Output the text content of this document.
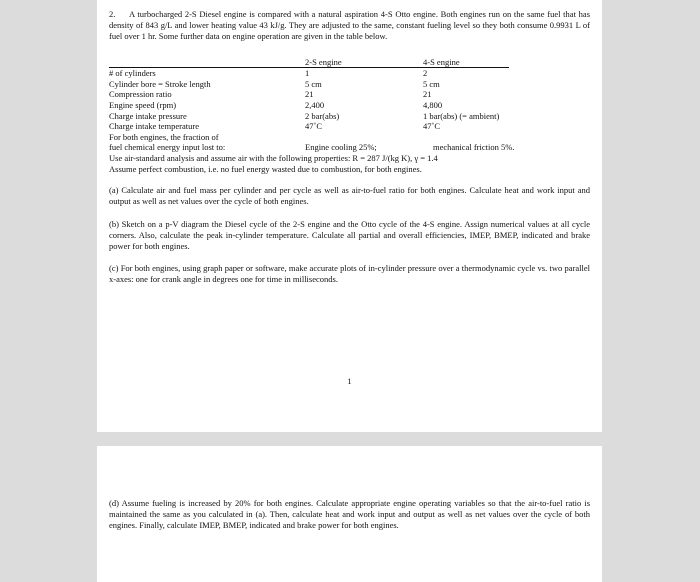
2. A turbocharged 2-S Diesel engine is compared with a natural aspiration 4-S Otto engine. Both engines run on the same fuel that has density of 843 g/L and lower heating value 43 kJ/g. They are adjusted to the same, constant fueling level so they both consume 0.9931 L of fuel over 1 hr. Some further data on engine operation are given in the table below.

	2-S engine	4-S engine
# of cylinders	1	2
Cylinder bore = Stroke length	5 cm	5 cm
Compression ratio	21	21
Engine speed (rpm)	2,400	4,800
Charge intake pressure	2 bar(abs)	1 bar(abs) (= ambient)
Charge intake temperature	47˚C	47˚C
For both engines, the fraction of
fuel chemical energy input lost to:	Engine cooling 25%;	mechanical friction 5%.
Use air-standard analysis and assume air with the following properties: R = 287 J/(kg K), γ = 1.4
Assume perfect combustion, i.e. no fuel energy wasted due to combustion, for both engines.

(a) Calculate air and fuel mass per cylinder and per cycle as well as air-to-fuel ratio for both engines. Calculate heat and work input and output as well as net values over the cycle of both engines.

(b) Sketch on a p-V diagram the Diesel cycle of the 2-S engine and the Otto cycle of the 4-S engine. Assign numerical values at all cycle corners. Also, calculate the peak in-cylinder temperature. Calculate all partial and overall efficiencies, IMEP, BMEP, indicated and brake power for both engines.

(c) For both engines, using graph paper or software, make accurate plots of in-cylinder pressure over a thermodynamic cycle vs. two parallel x-axes: one for crank angle in degrees one for time in milliseconds.

1

(d) Assume fueling is increased by 20% for both engines. Calculate appropriate engine operating variables so that the air-to-fuel ratio is maintained the same as you calculated in (a). Then, calculate heat and work input and output as well as net values over the cycle of both engines. Finally, calculate IMEP, BMEP, indicated and brake power for both engines.
